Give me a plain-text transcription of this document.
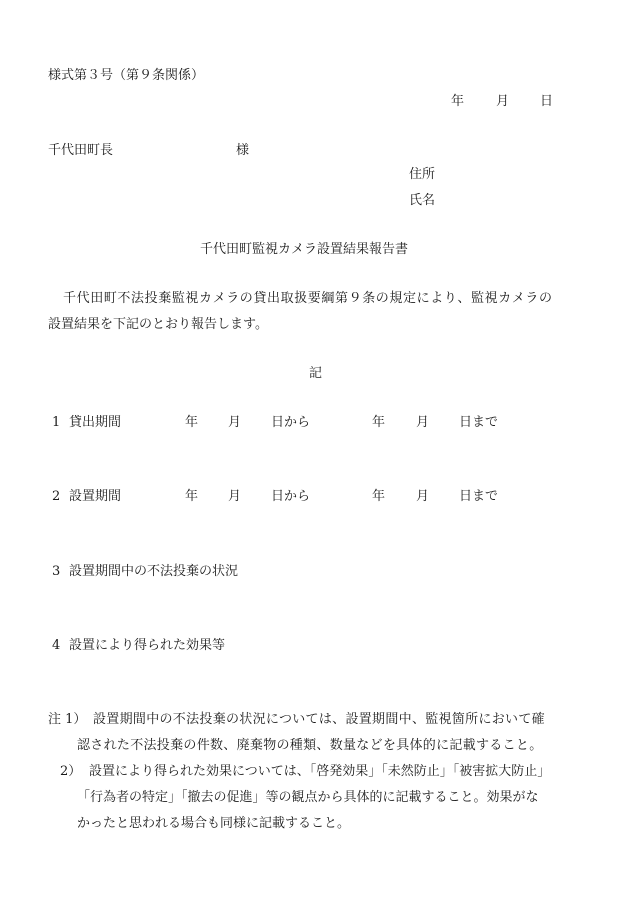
様式第３号（第９条関係）
年 月 日
千代田町長	様
住所
氏名
千代田町監視カメラ設置結果報告書
千代田町不法投棄監視カメラの貸出取扱要綱第９条の規定により、監視カメラの
設置結果を下記のとおり報告します。
記
1 貸出期間	年 月 日から	年 月 日まで
2 設置期間	年 月 日から	年 月 日まで
3 設置期間中の不法投棄の状況
4 設置により得られた効果等
注 1） 設置期間中の不法投棄の状況については、設置期間中、監視箇所において確
認された不法投棄の件数、廃棄物の種類、数量などを具体的に記載すること。
2） 設置により得られた効果については、「啓発効果」「未然防止」「被害拡大防止」
「行為者の特定」「撤去の促進」等の観点から具体的に記載すること。効果がな
かったと思われる場合も同様に記載すること。
